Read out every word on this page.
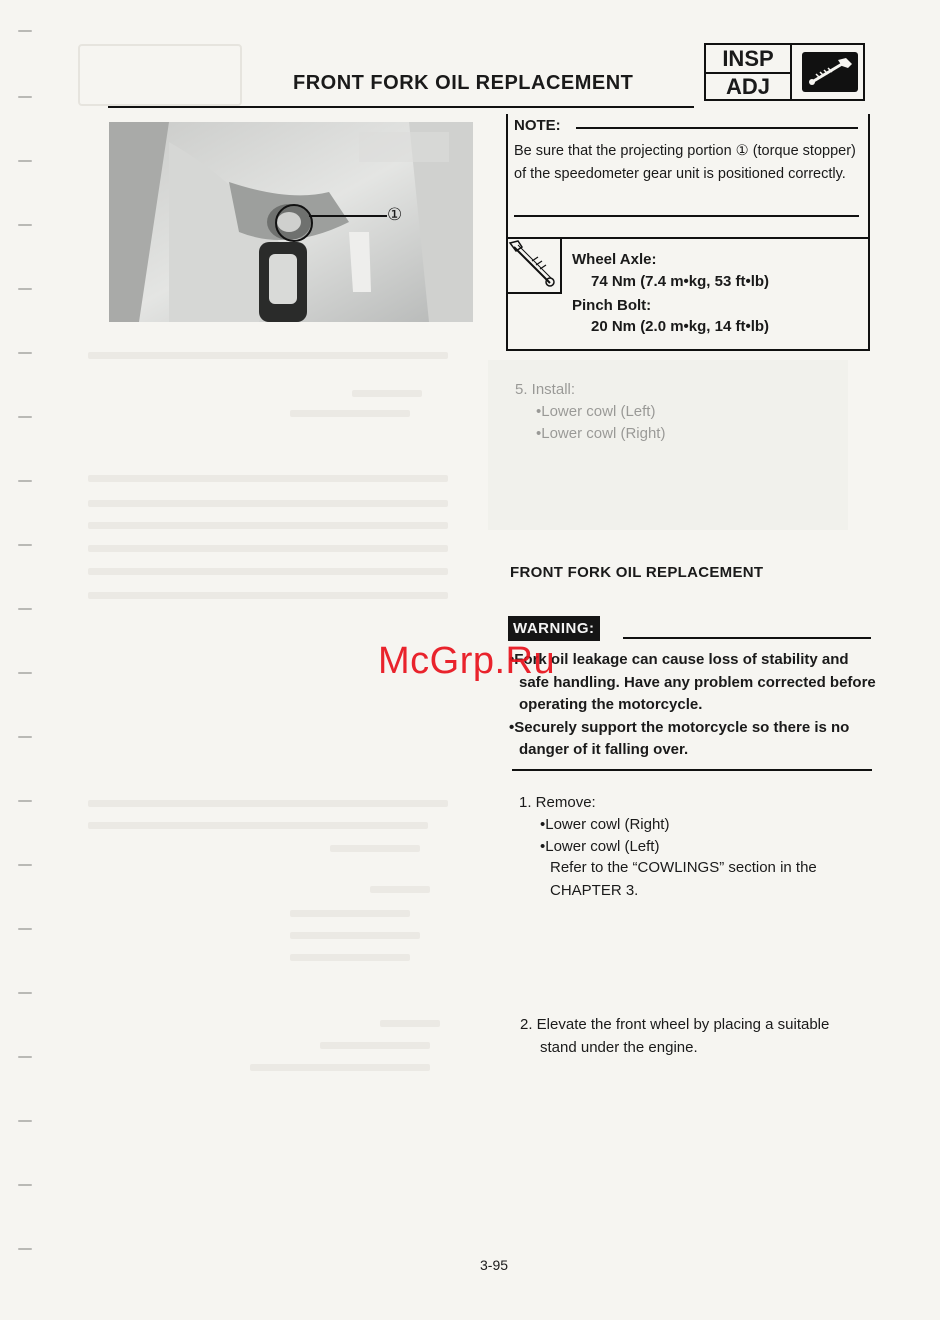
FRONT FORK OIL REPLACEMENT
INSP
ADJ
①
NOTE:
Be sure that the projecting portion ① (torque stopper) of the speedometer gear unit is positioned correctly.
Wheel Axle:
74 Nm (7.4 m•kg, 53 ft•lb)
Pinch Bolt:
20 Nm (2.0 m•kg, 14 ft•lb)
FRONT FORK OIL REPLACEMENT
WARNING:

•Fork oil leakage can cause loss of stability and safe handling. Have any problem corrected before operating the motorcycle.

•Securely support the motorcycle so there is no danger of it falling over.

McGrp.Ru
1. Remove:
•Lower cowl (Right)
•Lower cowl (Left)
Refer to the “COWLINGS” section in the
CHAPTER 3.
2. Elevate the front wheel by placing a suitable
stand under the engine.
3-95
